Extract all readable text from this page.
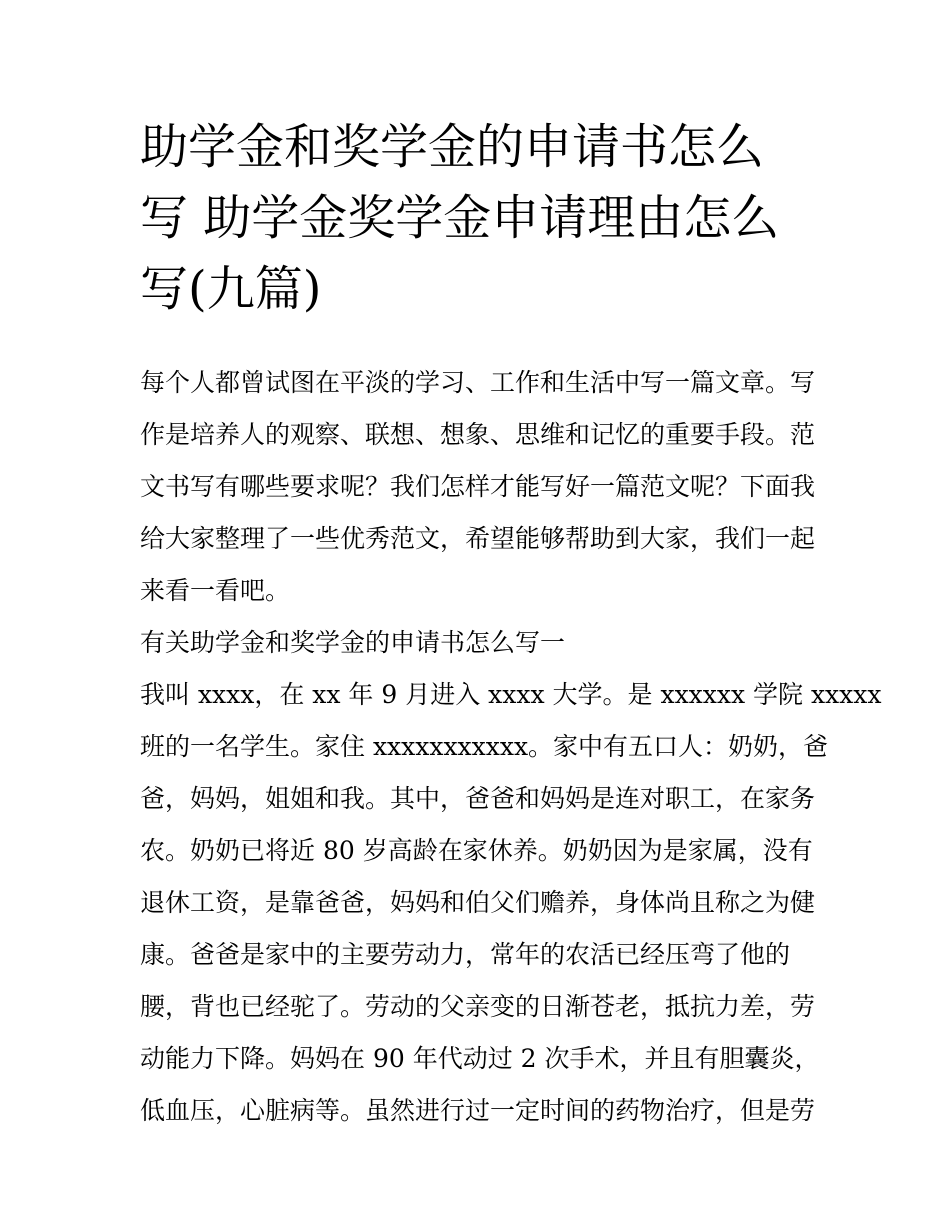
助学金和奖学金的申请书怎么
写 助学金奖学金申请理由怎么
写(九篇)
每个人都曾试图在平淡的学习、工作和生活中写一篇文章。写
作是培养人的观察、联想、想象、思维和记忆的重要手段。范
文书写有哪些要求呢？我们怎样才能写好一篇范文呢？下面我
给大家整理了一些优秀范文，希望能够帮助到大家，我们一起
来看一看吧。
有关助学金和奖学金的申请书怎么写一
我叫 xxxx，在 xx 年 9 月进入 xxxx 大学。是 xxxxxx 学院 xxxxx
班的一名学生。家住 xxxxxxxxxxx。家中有五口人：奶奶，爸
爸，妈妈，姐姐和我。其中，爸爸和妈妈是连对职工，在家务
农。奶奶已将近 80 岁高龄在家休养。奶奶因为是家属，没有
退休工资，是靠爸爸，妈妈和伯父们赡养，身体尚且称之为健
康。爸爸是家中的主要劳动力，常年的农活已经压弯了他的
腰，背也已经驼了。劳动的父亲变的日渐苍老，抵抗力差，劳
动能力下降。妈妈在 90 年代动过 2 次手术，并且有胆囊炎，
低血压，心脏病等。虽然进行过一定时间的药物治疗，但是劳
